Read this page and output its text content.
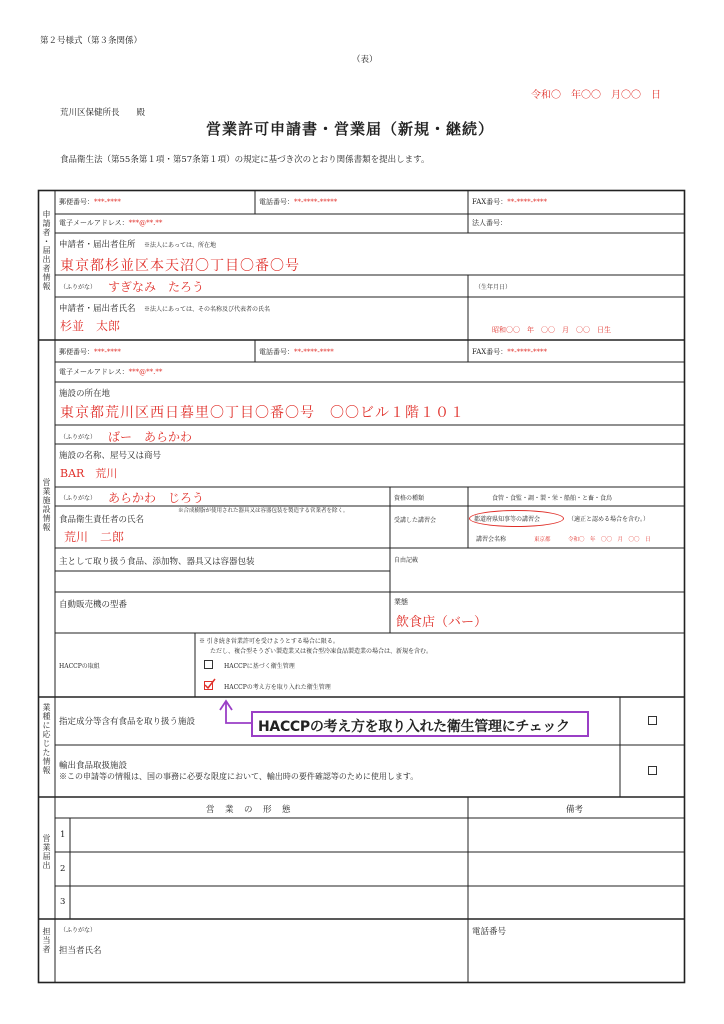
第２号様式（第３条関係）
（表）
令和〇　年〇〇　月〇〇　日
荒川区保健所長　　殿
営業許可申請書・営業届（新規・継続）
食品衛生法（第55条第１項・第57条第１項）の規定に基づき次のとおり関係書類を提出します。
申請者・届出者情報
営業施設情報
業種に応じた情報
営業届出
担当者
郵便番号：***-****	電話番号：**-****-*****	FAX番号：**-****-****
電子メールアドレス：***@**.**	法人番号：
申請者・届出者住所　 ※法人にあっては、所在地
東京都杉並区本天沼〇丁目〇番〇号
（ふりがな） すぎなみ　たろう	（生年月日）
申請者・届出者氏名　 ※法人にあっては、その名称及び代表者の氏名
杉並　太郎	昭和〇〇　年　〇〇　月　〇〇　日生
郵便番号：***-****	電話番号：**-****-****	FAX番号：**-****-****
電子メールアドレス：***@**.**
施設の所在地
東京都荒川区西日暮里〇丁目〇番〇号　〇〇ビル１階１０１
（ふりがな） ばー　あらかわ
施設の名称、屋号又は商号
BAR　荒川
（ふりがな） あらかわ　じろう
食品衛生責任者の氏名
※合成樹脂が使用された器具又は容器包装を製造する営業者を除く。
荒川　二郎
資格の種類	食管・食監・調・製・栄・船舶・と畜・食鳥
受講した講習会	都道府県知事等の講習会	（適正と認める場合を含む。）
講習会名称	東京都	令和〇　年　〇〇　月　〇〇　日
主として取り扱う食品、添加物、器具又は容器包装	自由記載
自動販売機の型番	業態
飲食店（バー）
HACCPの取組
※ 引き続き営業許可を受けようとする場合に限る。
ただし、複合型そうざい製造業又は複合型冷凍食品製造業の場合は、新規を含む。
HACCPに基づく衛生管理
HACCPの考え方を取り入れた衛生管理
指定成分等含有食品を取り扱う施設
輸出食品取扱施設
※この申請等の情報は、国の事務に必要な限度において、輸出時の要件確認等のために使用します。
営　業　の　形　態	備考
1
2
3
（ふりがな）
担当者氏名
電話番号
HACCPの考え方を取り入れた衛生管理にチェック
